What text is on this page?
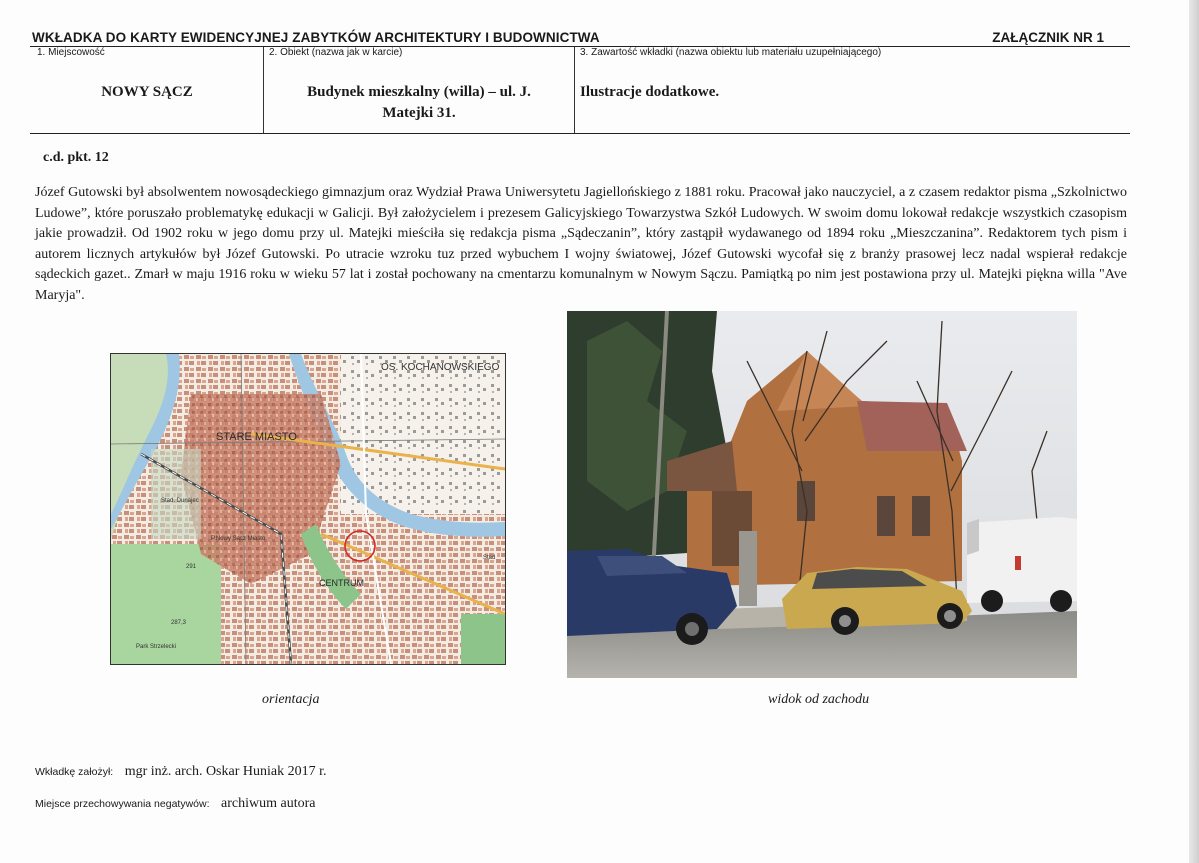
WKŁADKA DO KARTY EWIDENCYJNEJ ZABYTKÓW ARCHITEKTURY I BUDOWNICTWA	ZAŁĄCZNIK NR 1
1. Miejscowość
NOWY SĄCZ
2. Obiekt (nazwa jak w karcie)
Budynek mieszkalny (willa) – ul. J.
Matejki 31.
3. Zawartość wkładki (nazwa obiektu lub materiału uzupełniającego)
Ilustracje dodatkowe.
c.d. pkt. 12
Józef Gutowski był absolwentem nowosądeckiego gimnazjum oraz Wydział Prawa Uniwersytetu Jagiellońskiego z 1881 roku. Pracował jako nauczyciel, a z czasem redaktor pisma „Szkolnictwo Ludowe”, które poruszało problematykę edukacji w Galicji. Był założycielem i prezesem Galicyjskiego Towarzystwa Szkół Ludowych. W swoim domu lokował redakcje wszystkich czasopism jakie prowadził. Od 1902 roku w jego domu przy ul. Matejki mieściła się redakcja pisma „Sądeczanin”, który zastąpił wydawanego od 1894 roku „Mieszczanina”. Redaktorem tych pism i autorem licznych artykułów był Józef Gutowski. Po utracie wzroku tuz przed wybuchem I wojny światowej, Józef Gutowski wycofał się z branży prasowej lecz nadal wspierał redakcje sądeckich gazet.. Zmarł w maju 1916 roku w wieku 57 lat i został pochowany na cmentarzu komunalnym w Nowym Sączu. Pamiątką po nim jest postawiona przy ul. Matejki piękna willa "Ave Maryja".
OS. KOCHANOWSKIEGO
STARE MIASTO
CENTRUM
Stad. Dunajec
Park Strzelecki
P.Nowy Sącz Miasto
287,3
291
Stad
orientacja	widok od zachodu
Wkładkę założył: mgr inż. arch. Oskar Huniak 2017 r.
Miejsce przechowywania negatywów: archiwum autora
